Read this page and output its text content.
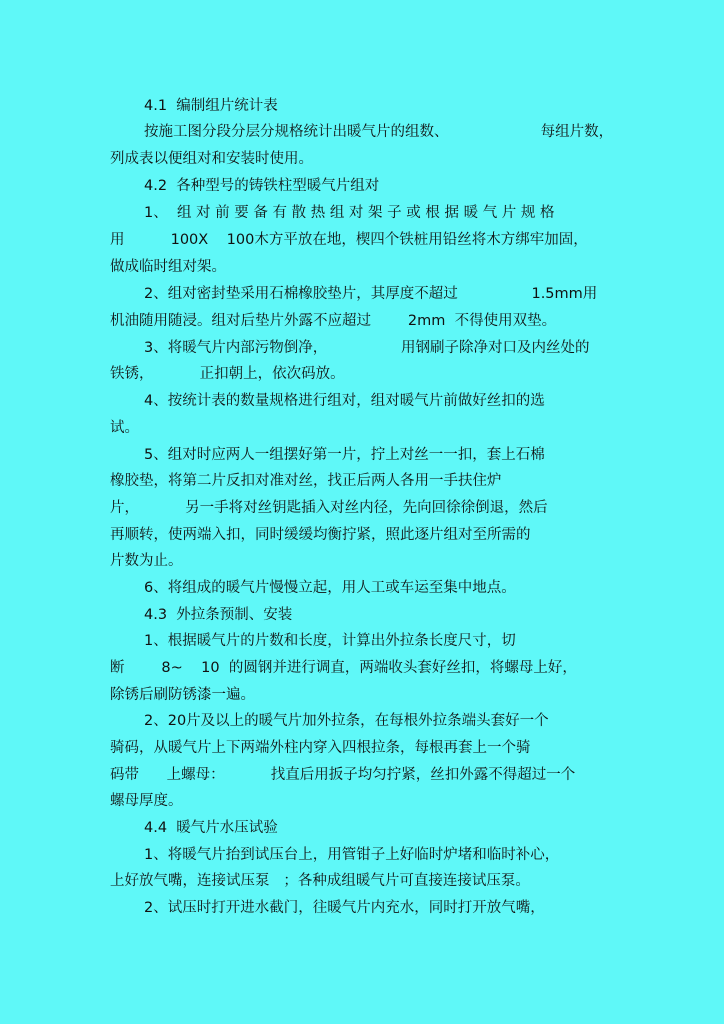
4.1  编制组片统计表
按施工图分段分层分规格统计出暖气片的组数、                    每组片数，
列成表以便组对和安装时使用。
4.2  各种型号的铸铁柱型暖气片组对
1、  组 对 前 要 备 有 散 热 组 对 架 子 或 根 据 暖 气 片 规 格
用          100X    100木方平放在地，楔四个铁桩用铅丝将木方绑牢加固，
做成临时组对架。
2、组对密封垫采用石棉橡胶垫片，其厚度不超过                1.5mm用
机油随用随浸。组对后垫片外露不应超过        2mm  不得使用双垫。
3、将暖气片内部污物倒净，                用钢刷子除净对口及内丝处的
铁锈，          正扣朝上，依次码放。
4、按统计表的数量规格进行组对，组对暖气片前做好丝扣的选
试。
5、组对时应两人一组摆好第一片，拧上对丝一一扣，套上石棉
橡胶垫，将第二片反扣对准对丝，找正后两人各用一手扶住炉
片，          另一手将对丝钥匙插入对丝内径，先向回徐徐倒退，然后
再顺转，使两端入扣，同时缓缓均衡拧紧，照此逐片组对至所需的
片数为止。
6、将组成的暖气片慢慢立起，用人工或车运至集中地点。
4.3  外拉条预制、安装
1、根据暖气片的片数和长度，计算出外拉条长度尺寸，切
断        8~    10  的圆钢并进行调直，两端收头套好丝扣，将螺母上好，
除锈后刷防锈漆一遍。
2、20片及以上的暖气片加外拉条，在每根外拉条端头套好一个
骑码，从暖气片上下两端外柱内穿入四根拉条，每根再套上一个骑
码带      上螺母：          找直后用扳子均匀拧紧，丝扣外露不得超过一个
螺母厚度。
4.4  暖气片水压试验
1、将暖气片抬到试压台上，用管钳子上好临时炉堵和临时补心，
上好放气嘴，连接试压泵   ；各种成组暖气片可直接连接试压泵。
2、试压时打开进水截门，往暖气片内充水，同时打开放气嘴，
